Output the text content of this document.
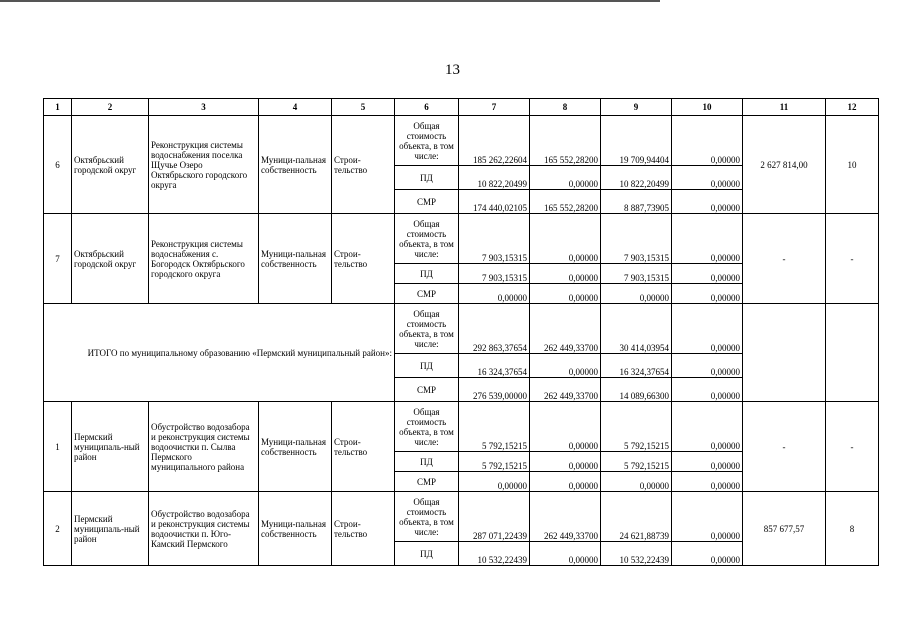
13
1	2	3	4	5	6	7	8	9	10	11	12
6	Октябрьский городской округ	Реконструкция системы водоснабжения поселка Щучье Озеро Октябрьского городского округа	Муници-пальная собственность	Строи-тельство	Общая стоимость объекта, в том числе:	185 262,22604	165 552,28200	19 709,94404	0,00000	2 627 814,00	10
					ПД	10 822,20499	0,00000	10 822,20499	0,00000		
					СМР	174 440,02105	165 552,28200	8 887,73905	0,00000		
7	Октябрьский городской округ	Реконструкция системы водоснабжения с. Богородск Октябрьского городского округа	Муници-пальная собственность	Строи-тельство	Общая стоимость объекта, в том числе:	7 903,15315	0,00000	7 903,15315	0,00000	-	-
					ПД	7 903,15315	0,00000	7 903,15315	0,00000		
					СМР	0,00000	0,00000	0,00000	0,00000		
ИТОГО по муниципальному образованию «Пермский муниципальный район»:					Общая стоимость объекта, в том числе:	292 863,37654	262 449,33700	30 414,03954	0,00000		
					ПД	16 324,37654	0,00000	16 324,37654	0,00000		
					СМР	276 539,00000	262 449,33700	14 089,66300	0,00000		
1	Пермский муниципаль-ный район	Обустройство водозабора и реконструкция системы водоочистки п. Сылва Пермского муниципального района	Муници-пальная собственность	Строи-тельство	Общая стоимость объекта, в том числе:	5 792,15215	0,00000	5 792,15215	0,00000	-	-
					ПД	5 792,15215	0,00000	5 792,15215	0,00000		
					СМР	0,00000	0,00000	0,00000	0,00000		
2	Пермский муниципаль-ный район	Обустройство водозабора и реконструкция системы водоочистки п. Юго-Камский Пермского	Муници-пальная собственность	Строи-тельство	Общая стоимость объекта, в том числе:	287 071,22439	262 449,33700	24 621,88739	0,00000	857 677,57	8
					ПД	10 532,22439	0,00000	10 532,22439	0,00000		
